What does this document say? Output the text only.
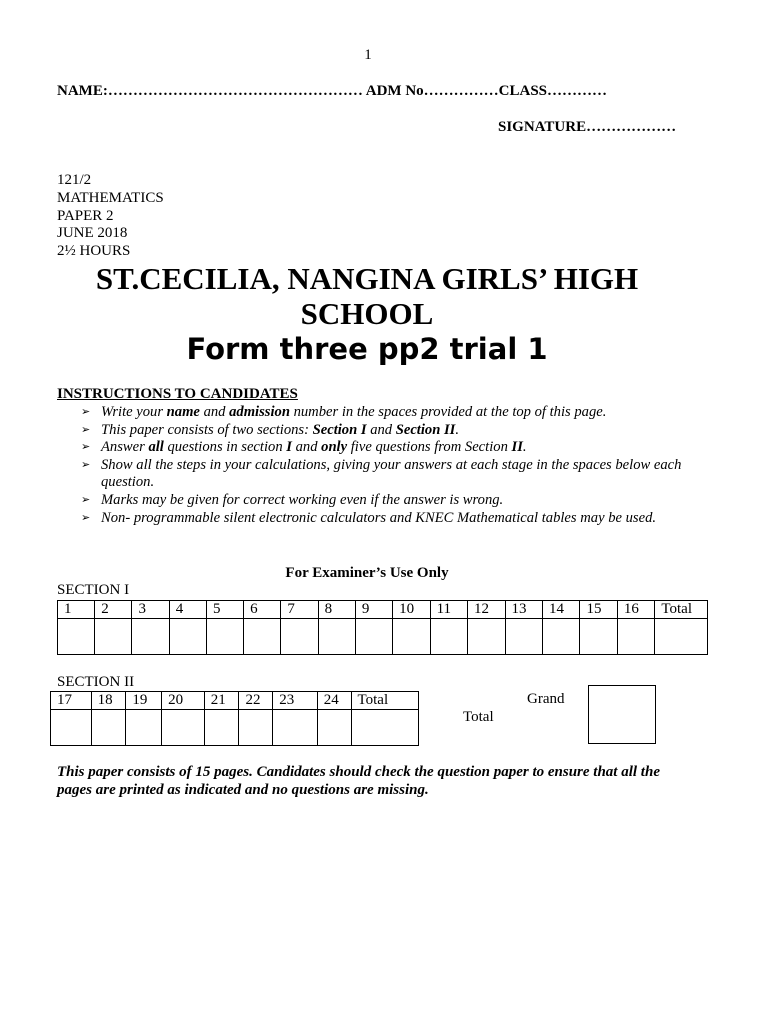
1
NAME:…………………………………………… ADM No……………CLASS…………
SIGNATURE………………
121/2
MATHEMATICS
PAPER 2
JUNE 2018
2½ HOURS
ST.CECILIA, NANGINA GIRLS’ HIGH SCHOOL
Form three pp2 trial 1
INSTRUCTIONS TO CANDIDATES
➢ Write your name and admission number in the spaces provided at the top of this page.
➢ This paper consists of two sections: Section I and Section II.
➢ Answer all questions in section I and only five questions from Section II.
➢ Show all the steps in your calculations, giving your answers at each stage in the spaces below each question.
➢ Marks may be given for correct working even if the answer is wrong.
➢ Non- programmable silent electronic calculators and KNEC Mathematical tables may be used.
For Examiner’s Use Only
SECTION I
1	2	3	4	5	6	7	8	9	10	11	12	13	14	15	16	Total

SECTION II
17	18	19	20	21	22	23	24	Total
									Grand
Total
This paper consists of 15 pages. Candidates should check the question paper to ensure that all the pages are printed as indicated and no questions are missing.
